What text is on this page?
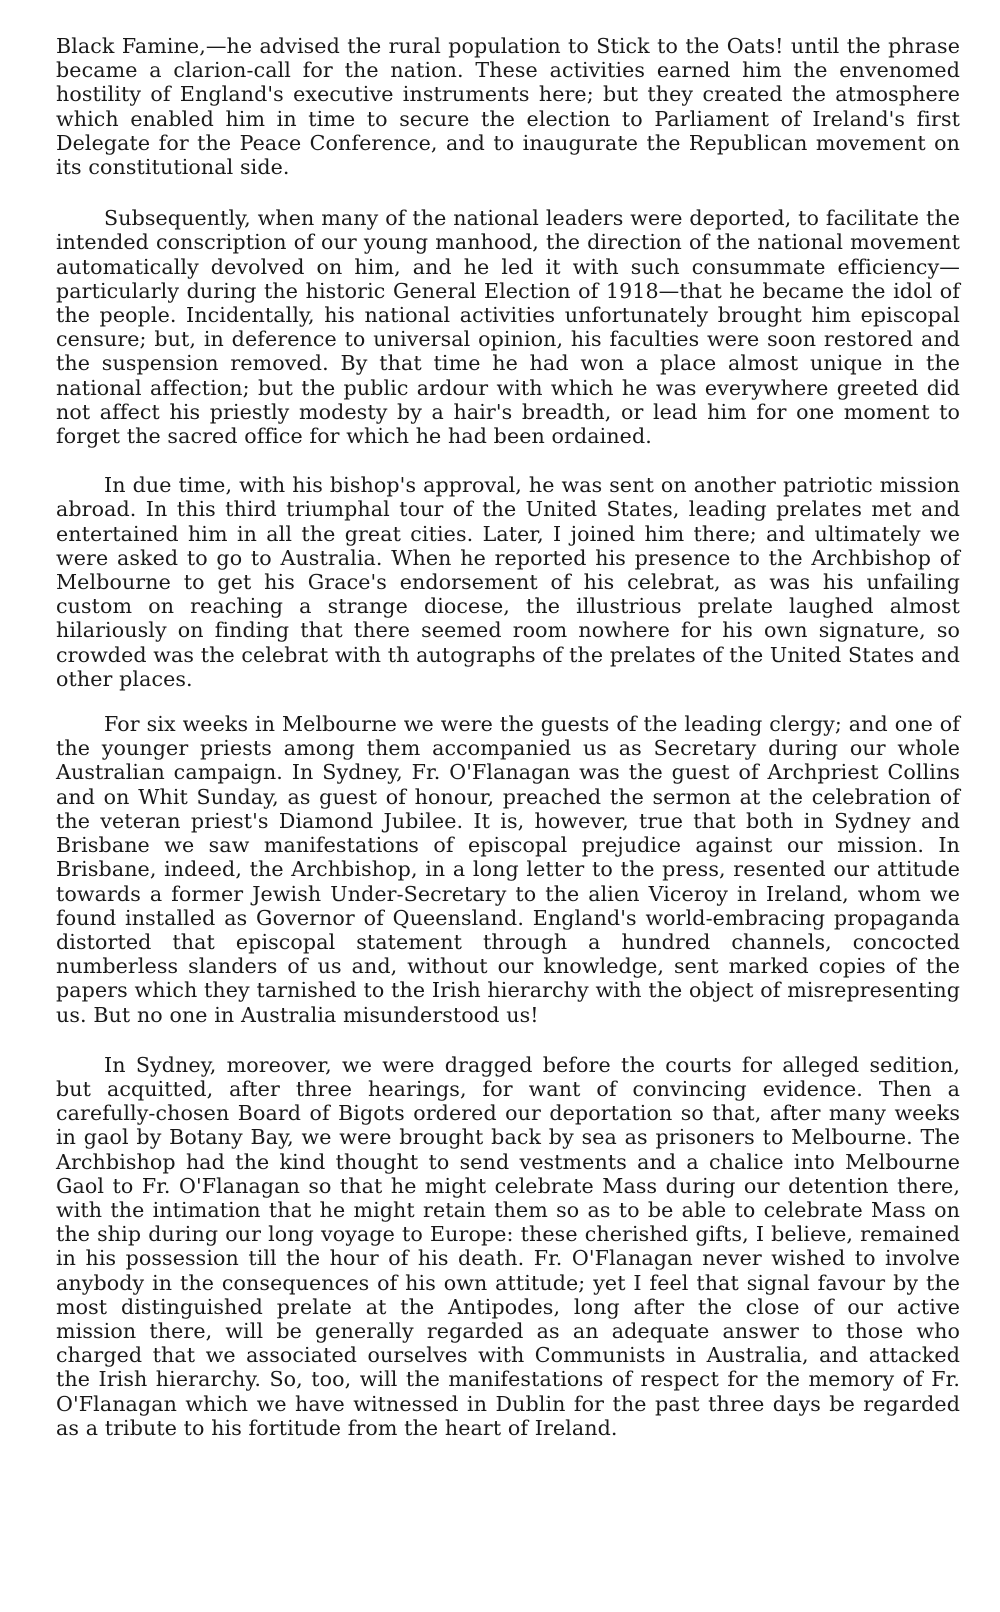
Black Famine,—he advised the rural population to Stick to the Oats! until the phrase became a clarion-call for the nation. These activities earned him the envenomed hostility of England's executive instruments here; but they created the atmosphere which enabled him in time to secure the election to Parliament of Ireland's first Delegate for the Peace Conference, and to inaugurate the Republican movement on its constitutional side.

Subsequently, when many of the national leaders were deported, to facilitate the intended conscription of our young manhood, the direction of the national movement automatically devolved on him, and he led it with such consummate efficiency—particularly during the historic General Election of 1918—that he became the idol of the people. Incidentally, his national activities unfortunately brought him episcopal censure; but, in deference to universal opinion, his faculties were soon restored and the suspension removed. By that time he had won a place almost unique in the national affection; but the public ardour with which he was everywhere greeted did not affect his priestly modesty by a hair's breadth, or lead him for one moment to forget the sacred office for which he had been ordained.

In due time, with his bishop's approval, he was sent on another patriotic mission abroad. In this third triumphal tour of the United States, leading prelates met and entertained him in all the great cities. Later, I joined him there; and ultimately we were asked to go to Australia. When he reported his presence to the Archbishop of Melbourne to get his Grace's endorsement of his celebrat, as was his unfailing custom on reaching a strange diocese, the illustrious prelate laughed almost hilariously on finding that there seemed room nowhere for his own signature, so crowded was the celebrat with th autographs of the prelates of the United States and other places.

For six weeks in Melbourne we were the guests of the leading clergy; and one of the younger priests among them accompanied us as Secretary during our whole Australian campaign. In Sydney, Fr. O'Flanagan was the guest of Archpriest Collins and on Whit Sunday, as guest of honour, preached the sermon at the celebration of the veteran priest's Diamond Jubilee. It is, however, true that both in Sydney and Brisbane we saw manifestations of episcopal prejudice against our mission. In Brisbane, indeed, the Archbishop, in a long letter to the press, resented our attitude towards a former Jewish Under-Secretary to the alien Viceroy in Ireland, whom we found installed as Governor of Queensland. England's world-embracing propaganda distorted that episcopal statement through a hundred channels, concocted numberless slanders of us and, without our knowledge, sent marked copies of the papers which they tarnished to the Irish hierarchy with the object of misrepresenting us. But no one in Australia misunderstood us!

In Sydney, moreover, we were dragged before the courts for alleged sedition, but acquitted, after three hearings, for want of convincing evidence. Then a carefully-chosen Board of Bigots ordered our deportation so that, after many weeks in gaol by Botany Bay, we were brought back by sea as prisoners to Melbourne. The Archbishop had the kind thought to send vestments and a chalice into Melbourne Gaol to Fr. O'Flanagan so that he might celebrate Mass during our detention there, with the intimation that he might retain them so as to be able to celebrate Mass on the ship during our long voyage to Europe: these cherished gifts, I believe, remained in his possession till the hour of his death. Fr. O'Flanagan never wished to involve anybody in the consequences of his own attitude; yet I feel that signal favour by the most distinguished prelate at the Antipodes, long after the close of our active mission there, will be generally regarded as an adequate answer to those who charged that we associated ourselves with Communists in Australia, and attacked the Irish hierarchy. So, too, will the manifestations of respect for the memory of Fr. O'Flanagan which we have witnessed in Dublin for the past three days be regarded as a tribute to his fortitude from the heart of Ireland.
